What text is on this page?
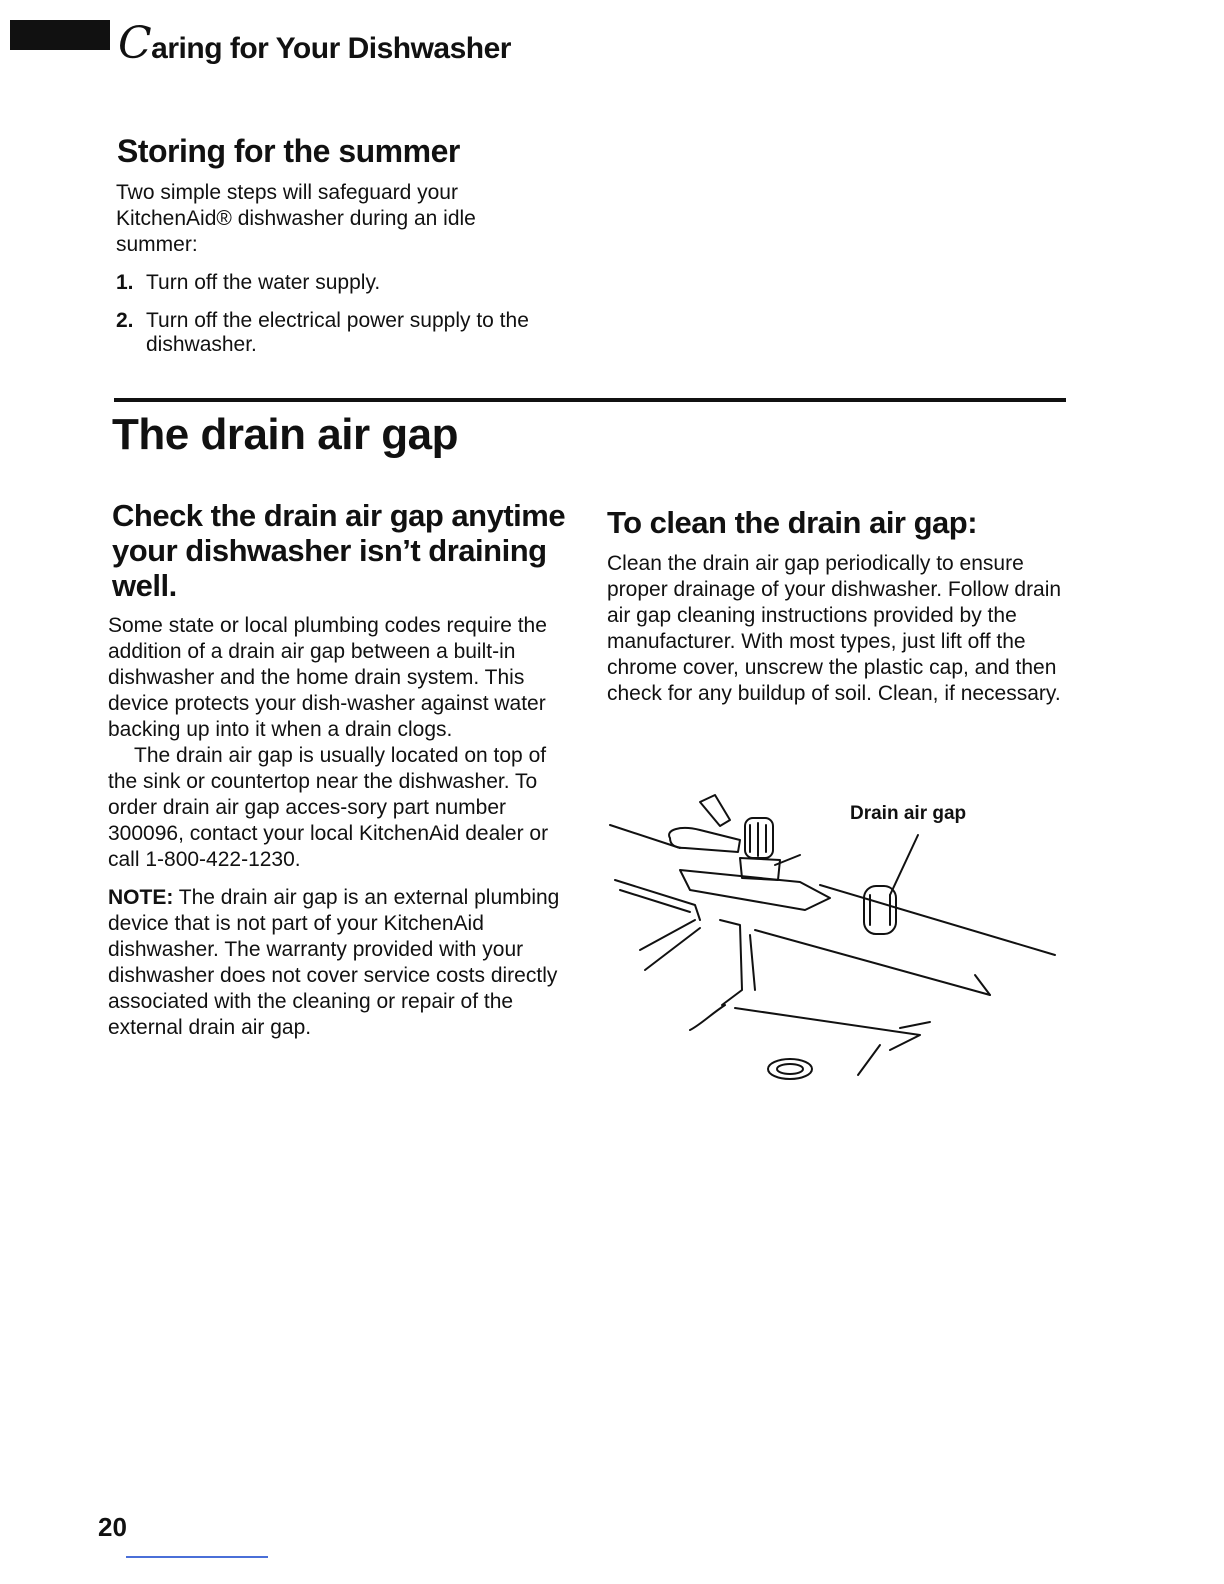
Caring for Your Dishwasher
Storing for the summer
Two simple steps will safeguard your KitchenAid® dishwasher during an idle summer:
1. Turn off the water supply.
2. Turn off the electrical power supply to the dishwasher.
The drain air gap
Check the drain air gap anytime your dishwasher isn’t draining well.

Some state or local plumbing codes require the addition of a drain air gap between a built-in dishwasher and the home drain system. This device protects your dish-washer against water backing up into it when a drain clogs.

The drain air gap is usually located on top of the sink or countertop near the dishwasher. To order drain air gap acces-sory part number 300096, contact your local KitchenAid dealer or call 1-800-422-1230.

NOTE: The drain air gap is an external plumbing device that is not part of your KitchenAid dishwasher. The warranty provided with your dishwasher does not cover service costs directly associated with the cleaning or repair of the external drain air gap.

To clean the drain air gap:
Clean the drain air gap periodically to ensure proper drainage of your dishwasher. Follow drain air gap cleaning instructions provided by the manufacturer. With most types, just lift off the chrome cover, unscrew the plastic cap, and then check for any buildup of soil. Clean, if necessary.
Drain air gap
20
